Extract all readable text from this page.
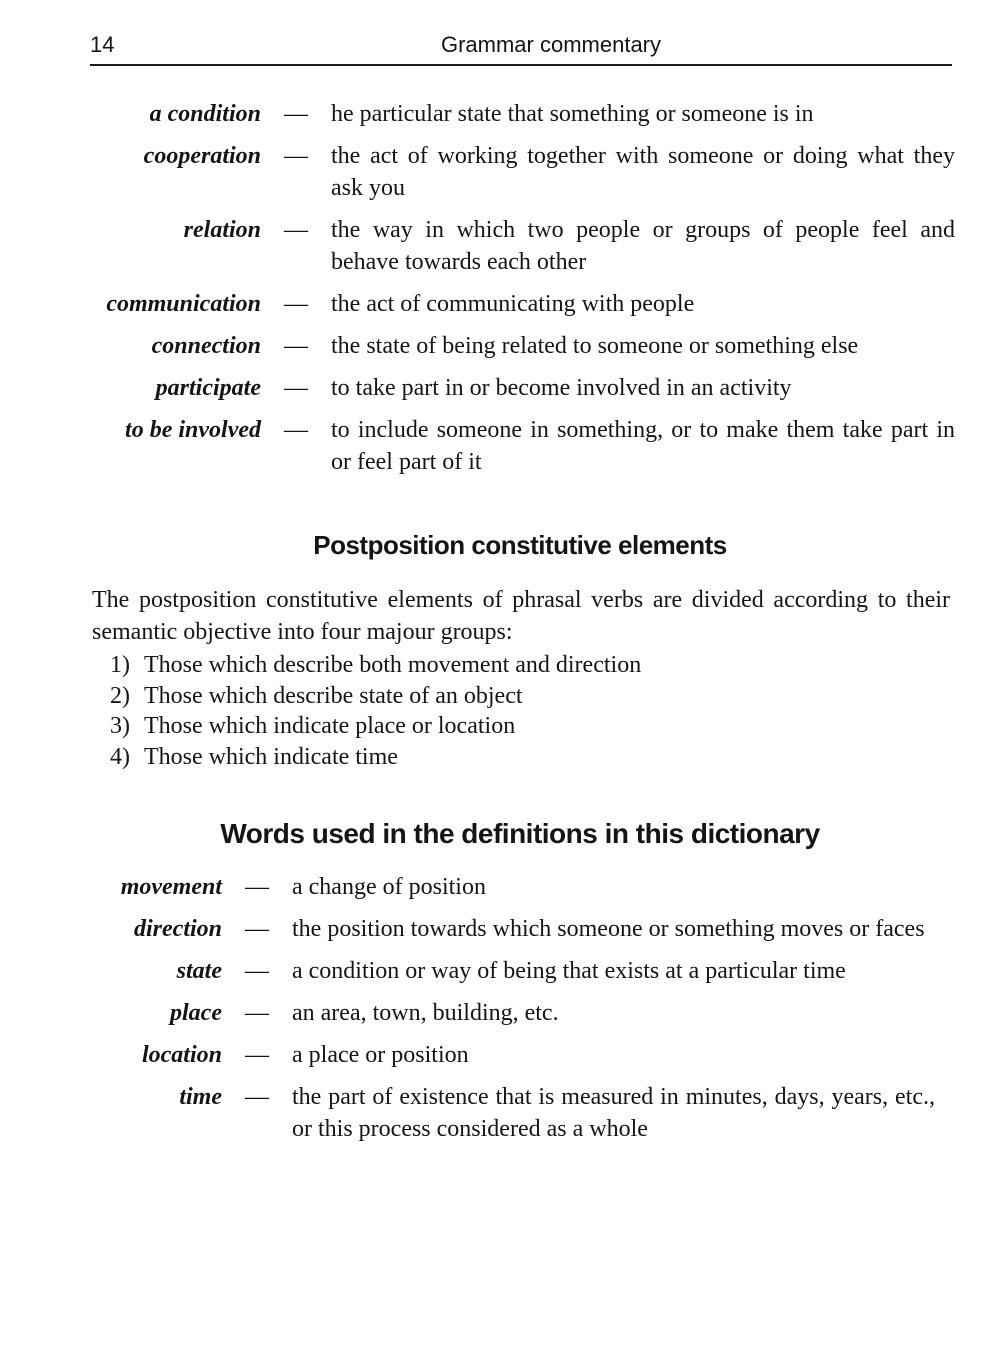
14	Grammar commentary
a condition — he particular state that something or someone is in
cooperation — the act of working together with someone or doing what they ask you
relation — the way in which two people or groups of people feel and behave towards each other
communication — the act of communicating with people
connection — the state of being related to someone or something else
participate — to take part in or become involved in an activity
to be involved — to include someone in something, or to make them take part in or feel part of it
Postposition constitutive elements

The postposition constitutive elements of phrasal verbs are divided according to their semantic objective into four majour groups:

1) Those which describe both movement and direction
2) Those which describe state of an object
3) Those which indicate place or location
4) Those which indicate time
Words used in the definitions in this dictionary
movement — a change of position
direction — the position towards which someone or something moves or faces
state — a condition or way of being that exists at a particular time
place — an area, town, building, etc.
location — a place or position
time — the part of existence that is measured in minutes, days, years, etc., or this process considered as a whole
